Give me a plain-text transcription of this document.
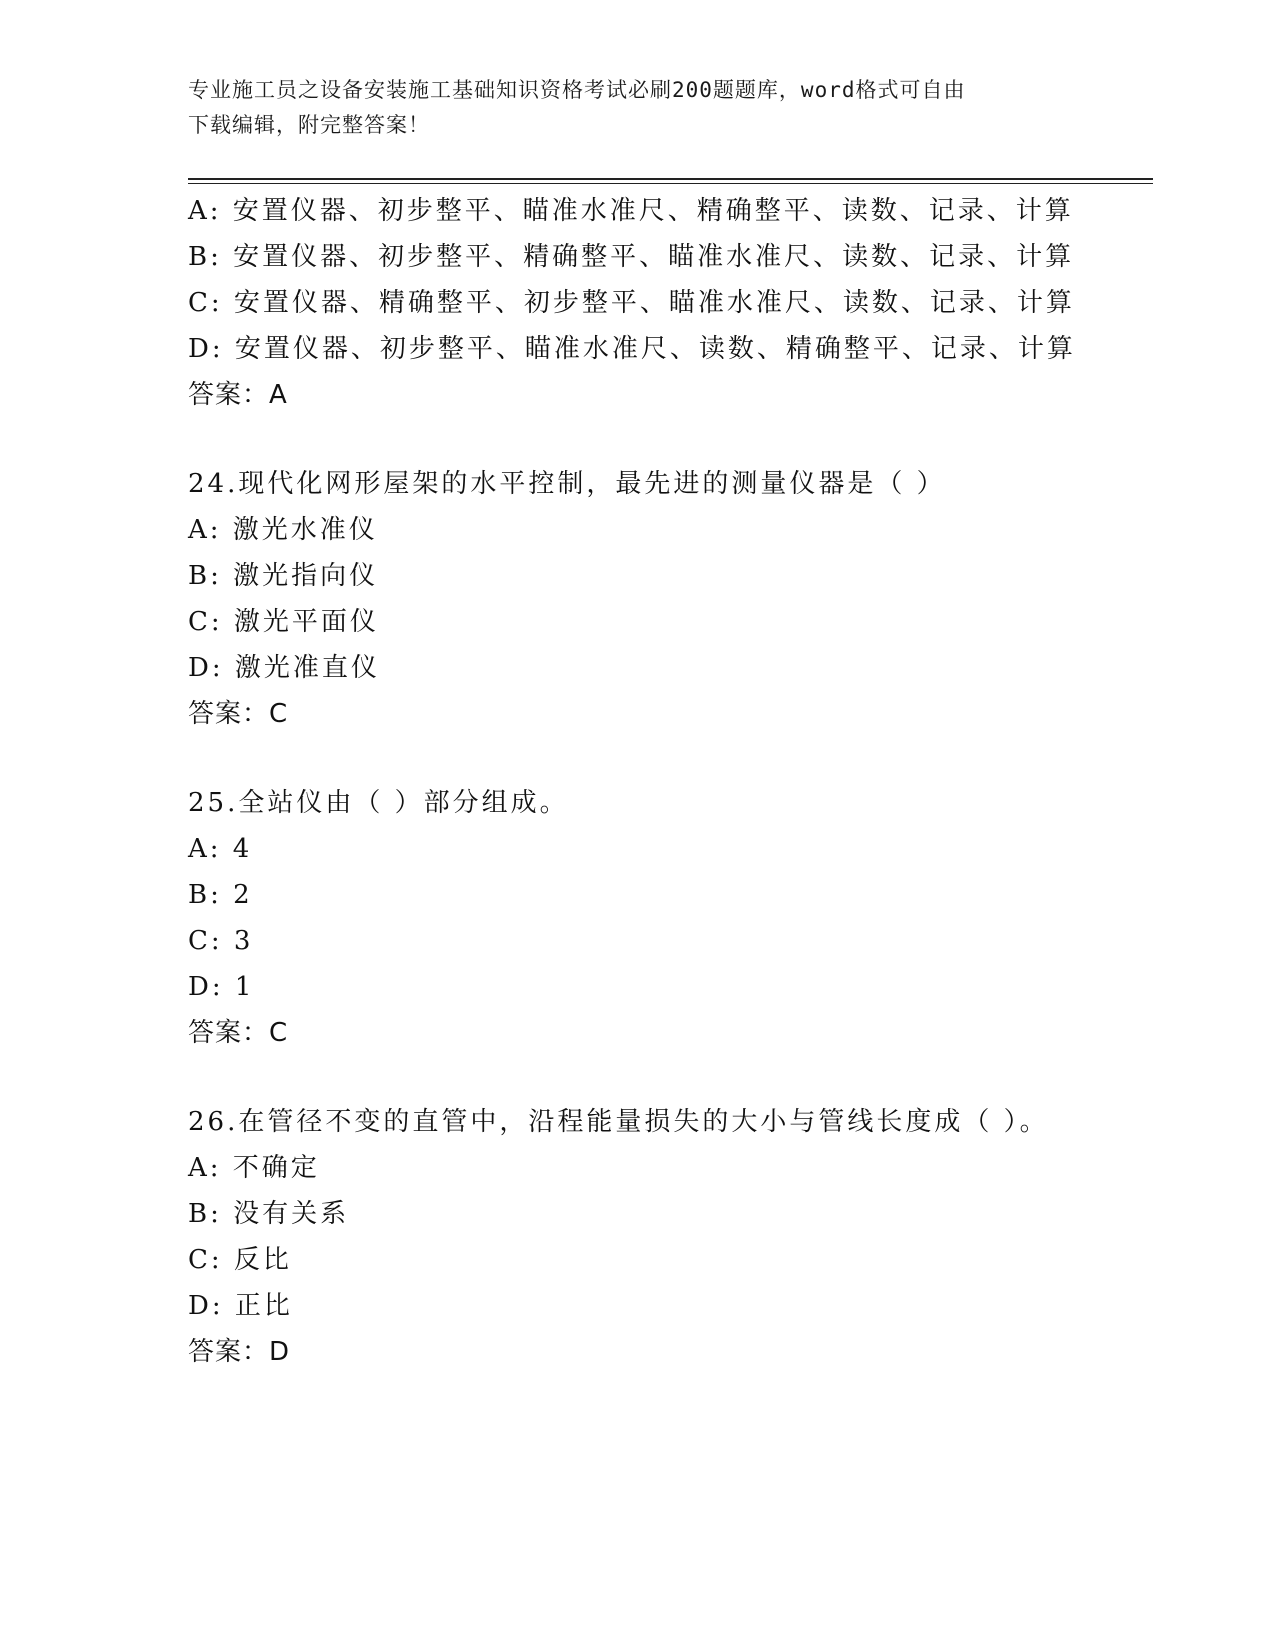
专业施工员之设备安装施工基础知识资格考试必刷200题题库，word格式可自由
下载编辑，附完整答案！
A: 安置仪器、初步整平、瞄准水准尺、精确整平、读数、记录、计算
B: 安置仪器、初步整平、精确整平、瞄准水准尺、读数、记录、计算
C: 安置仪器、精确整平、初步整平、瞄准水准尺、读数、记录、计算
D: 安置仪器、初步整平、瞄准水准尺、读数、精确整平、记录、计算
答案：A
24.现代化网形屋架的水平控制，最先进的测量仪器是（ ）
A: 激光水准仪
B: 激光指向仪
C: 激光平面仪
D: 激光准直仪
答案：C
25.全站仪由（ ）部分组成。
A: 4
B: 2
C: 3
D: 1
答案：C
26.在管径不变的直管中，沿程能量损失的大小与管线长度成（ ）。
A: 不确定
B: 没有关系
C: 反比
D: 正比
答案：D
